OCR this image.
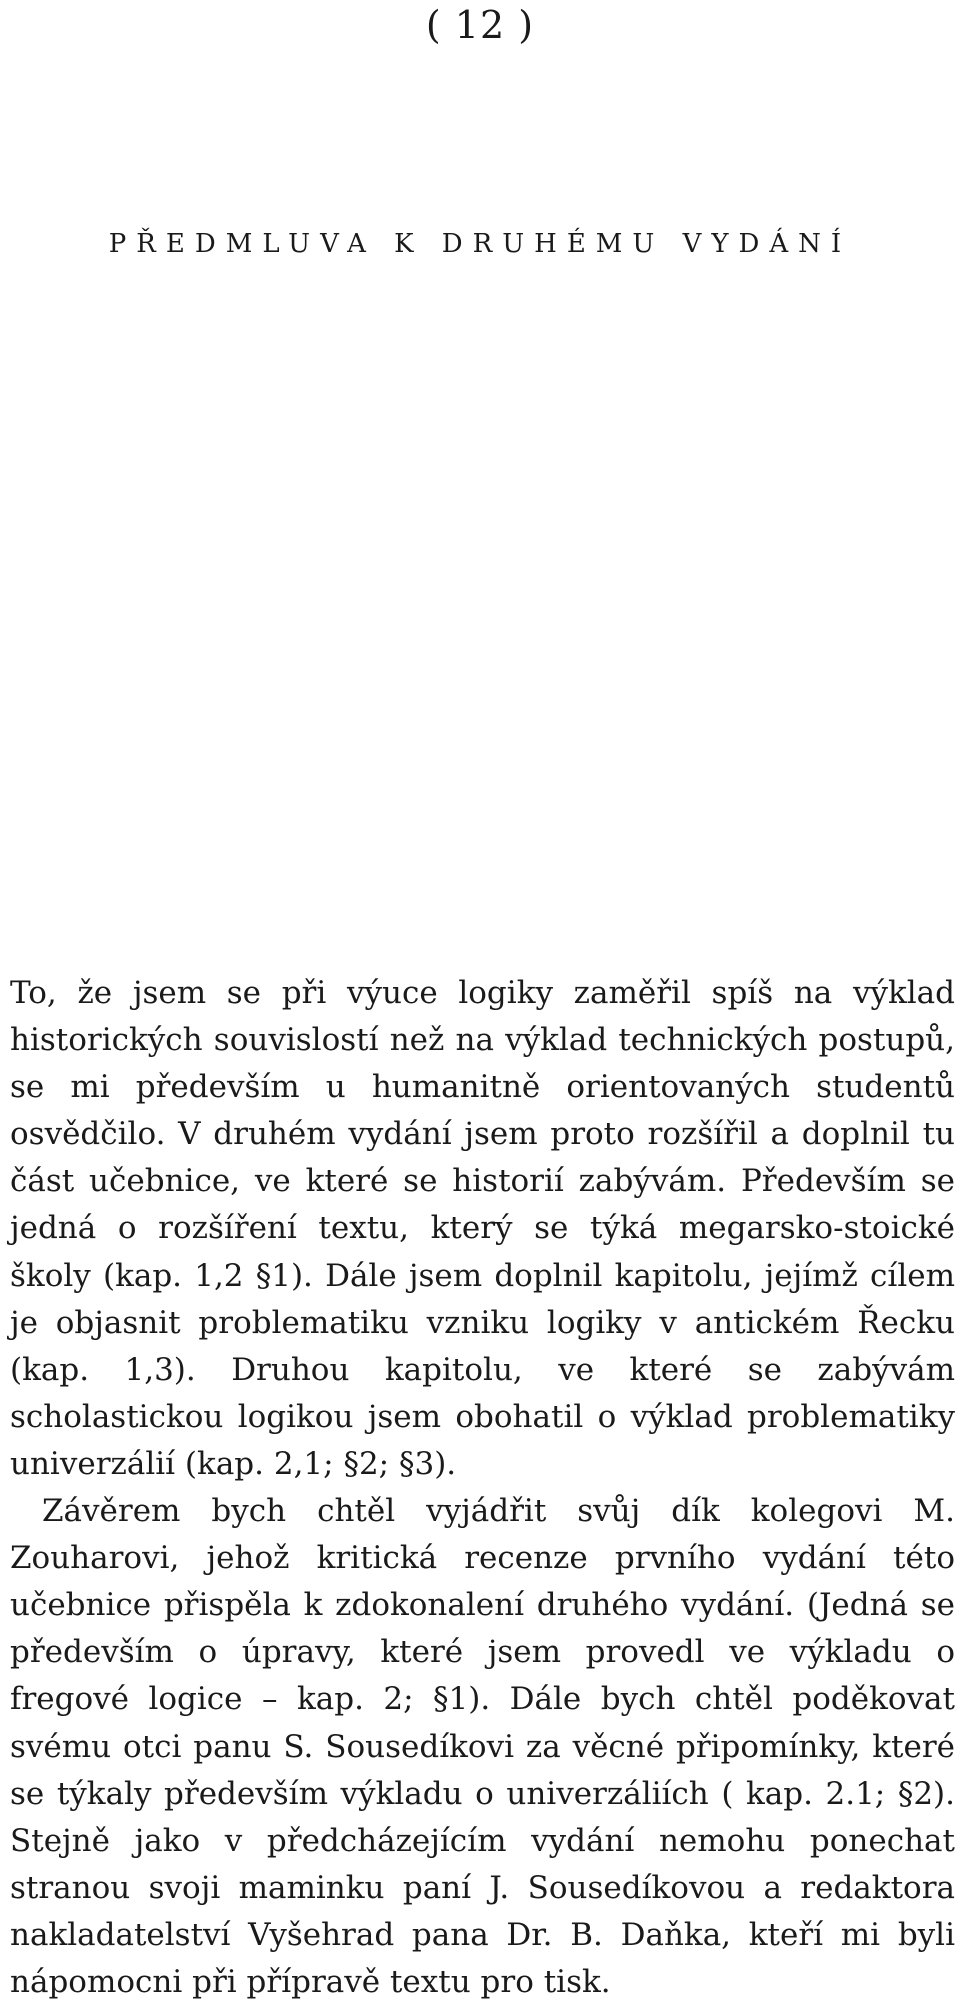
( 12 )
PŘEDMLUVA K DRUHÉMU VYDÁNÍ

To, že jsem se při výuce logiky zaměřil spíš na výklad historických souvislostí než na výklad technických postupů, se mi především u humanitně orientovaných studentů osvědčilo. V druhém vydání jsem proto rozšířil a doplnil tu část učebnice, ve které se historií zabývám. Především se jedná o rozšíření textu, který se týká megarsko-stoické školy (kap. 1,2 §1). Dále jsem doplnil kapitolu, jejímž cílem je objasnit problematiku vzniku logiky v antickém Řecku (kap. 1,3). Druhou kapitolu, ve které se zabývám scholastickou logikou jsem obohatil o výklad problematiky univerzálií (kap. 2,1; §2; §3).

Závěrem bych chtěl vyjádřit svůj dík kolegovi M. Zouharovi, jehož kritická recenze prvního vydání této učebnice přispěla k zdokonalení druhého vydání. (Jedná se především o úpravy, které jsem provedl ve výkladu o fregové logice – kap. 2; §1). Dále bych chtěl poděkovat svému otci panu S. Sousedíkovi za věcné připomínky, které se týkaly především výkladu o univerzáliích ( kap. 2.1; §2). Stejně jako v předcházejícím vydání nemohu ponechat stranou svoji maminku paní J. Sousedíkovou a redaktora nakladatelství Vyšehrad pana Dr. B. Daňka, kteří mi byli nápomocni při přípravě textu pro tisk.
